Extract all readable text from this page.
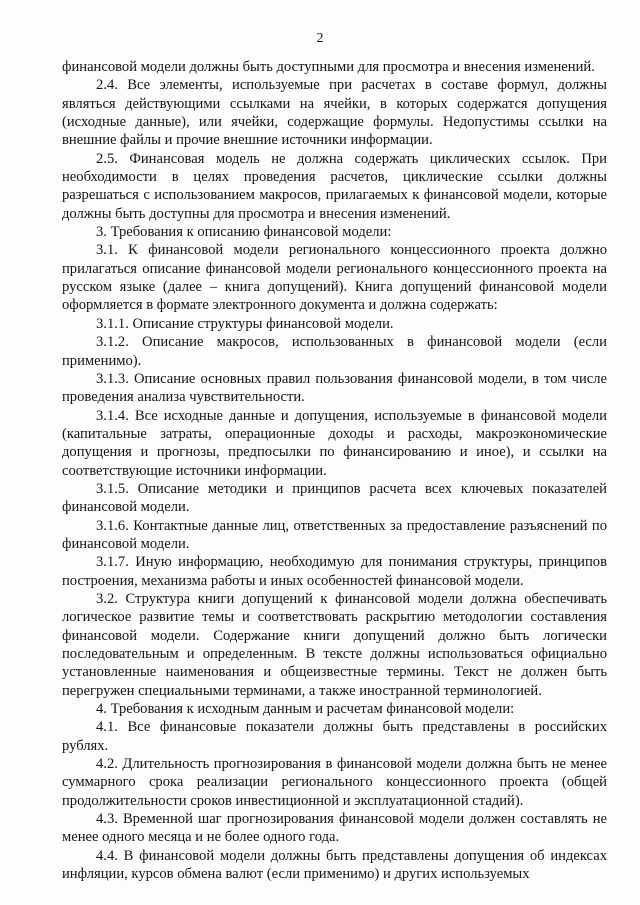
2

финансовой модели должны быть доступными для просмотра и внесения изменений.

2.4. Все элементы, используемые при расчетах в составе формул, должны являться действующими ссылками на ячейки, в которых содержатся допущения (исходные данные), или ячейки, содержащие формулы. Недопустимы ссылки на внешние файлы и прочие внешние источники информации.

2.5. Финансовая модель не должна содержать циклических ссылок. При необходимости в целях проведения расчетов, циклические ссылки должны разрешаться с использованием макросов, прилагаемых к финансовой модели, которые должны быть доступны для просмотра и внесения изменений.

3. Требования к описанию финансовой модели:

3.1. К финансовой модели регионального концессионного проекта должно прилагаться описание финансовой модели регионального концессионного проекта на русском языке (далее – книга допущений). Книга допущений финансовой модели оформляется в формате электронного документа и должна содержать:

3.1.1. Описание структуры финансовой модели.

3.1.2. Описание макросов, использованных в финансовой модели (если применимо).

3.1.3. Описание основных правил пользования финансовой модели, в том числе проведения анализа чувствительности.

3.1.4. Все исходные данные и допущения, используемые в финансовой модели (капитальные затраты, операционные доходы и расходы, макроэкономические допущения и прогнозы, предпосылки по финансированию и иное), и ссылки на соответствующие источники информации.

3.1.5. Описание методики и принципов расчета всех ключевых показателей финансовой модели.

3.1.6. Контактные данные лиц, ответственных за предоставление разъяснений по финансовой модели.

3.1.7. Иную информацию, необходимую для понимания структуры, принципов построения, механизма работы и иных особенностей финансовой модели.

3.2. Структура книги допущений к финансовой модели должна обеспечивать логическое развитие темы и соответствовать раскрытию методологии составления финансовой модели. Содержание книги допущений должно быть логически последовательным и определенным. В тексте должны использоваться официально установленные наименования и общеизвестные термины. Текст не должен быть перегружен специальными терминами, а также иностранной терминологией.

4. Требования к исходным данным и расчетам финансовой модели:

4.1. Все финансовые показатели должны быть представлены в российских рублях.

4.2. Длительность прогнозирования в финансовой модели должна быть не менее суммарного срока реализации регионального концессионного проекта (общей продолжительности сроков инвестиционной и эксплуатационной стадий).

4.3. Временной шаг прогнозирования финансовой модели должен составлять не менее одного месяца и не более одного года.

4.4. В финансовой модели должны быть представлены допущения об индексах инфляции, курсов обмена валют (если применимо) и других используемых
